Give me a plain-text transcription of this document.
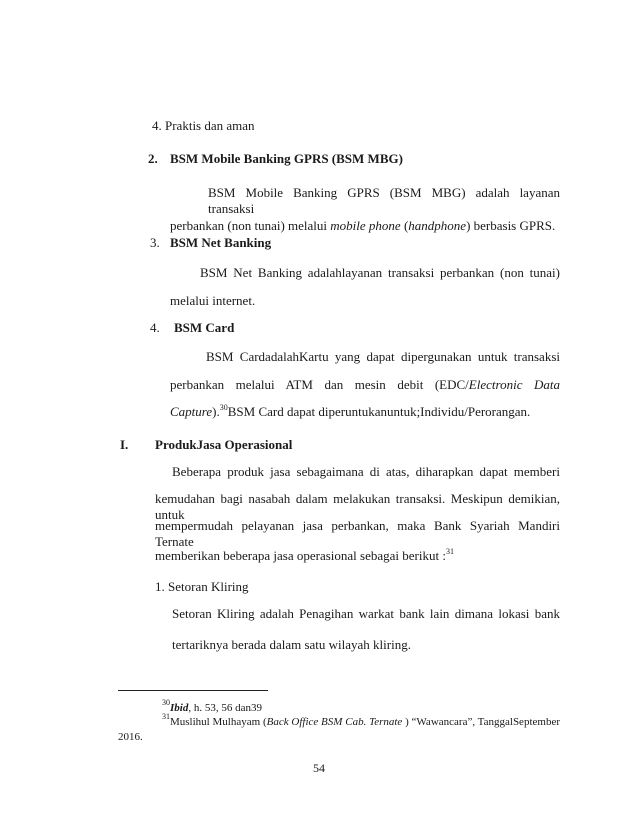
4. Praktis dan aman
2. BSM Mobile Banking GPRS (BSM MBG)
BSM Mobile Banking GPRS (BSM MBG) adalah layanan transaksi
perbankan (non tunai) melalui mobile phone (handphone) berbasis GPRS.
3. BSM Net Banking
BSM Net Banking adalahlayanan transaksi perbankan (non tunai)
melalui internet.
4. BSM Card
BSM CardadalahKartu yang dapat dipergunakan untuk transaksi
perbankan melalui ATM dan mesin debit (EDC/Electronic Data
Capture).$^{30}$BSM Card dapat diperuntukanuntuk;Individu/Perorangan.
I. ProdukJasa Operasional
Beberapa produk jasa sebagaimana di atas, diharapkan dapat memberi
kemudahan bagi nasabah dalam melakukan transaksi. Meskipun demikian, untuk
mempermudah pelayanan jasa perbankan, maka Bank Syariah Mandiri Ternate
memberikan beberapa jasa operasional sebagai berikut :$^{31}$
1. Setoran Kliring
Setoran Kliring adalah Penagihan warkat bank lain dimana lokasi bank
tertariknya berada dalam satu wilayah kliring.
$^{30}$Ibid, h. 53, 56 dan39
$^{31}$Muslihul Mulhayam (Back Office BSM Cab. Ternate ) “Wawancara”, TanggalSeptember
2016.
54
